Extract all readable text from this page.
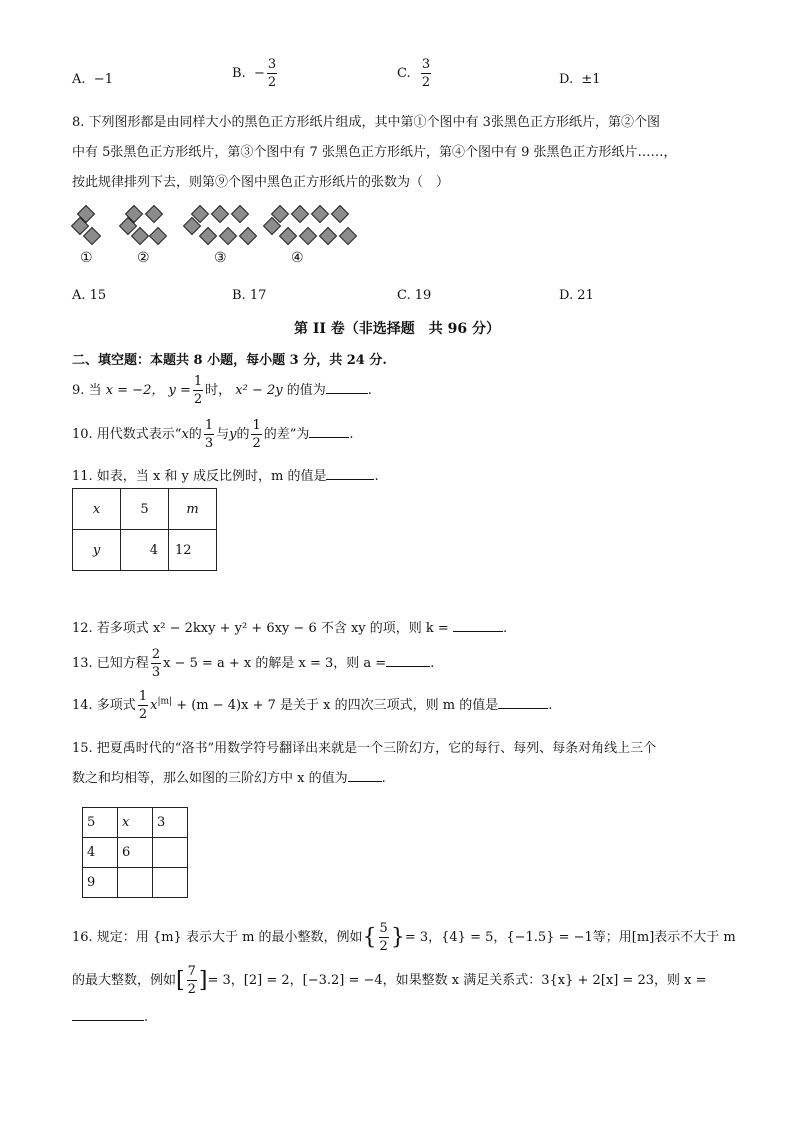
A. −1	B. − $\frac{3}{2}$	C. $\frac{3}{2}$	D. ±1
8. 下列图形都是由同样大小的黑色正方形纸片组成，其中第①个图中有 3张黑色正方形纸片，第②个图
中有 5张黑色正方形纸片，第③个图中有 7 张黑色正方形纸片，第④个图中有 9 张黑色正方形纸片……，
按此规律排列下去，则第⑨个图中黑色正方形纸片的张数为（　）
①	②	③	④
A. 15	B. 17	C. 19	D. 21
第 II 卷（非选择题　共 96 分）
二、填空题：本题共 8 小题，每小题 3 分，共 24 分.
9. 当 x = −2， $y = \frac{1}{2}$ 时， x² − 2y 的值为	.
10. 用代数式表示“x的 $\frac{1}{3}$ 与y的 $\frac{1}{2}$ 的差”为	.
11. 如表，当 x 和 y 成反比例时，m 的值是	.
x	5	m
y	4	12
12. 若多项式 x² − 2kxy + y² + 6xy − 6 不含 xy 的项，则 k =	.
13. 已知方程 $\frac{2}{3}$ x − 5 = a + x 的解是 x = 3，则 a =	.
14. 多项式 $\frac{1}{2} x^{|m|} + (m - 4)x + 7$ 是关于 x 的四次三项式，则 m 的值是	.
15. 把夏禹时代的“洛书”用数学符号翻译出来就是一个三阶幻方，它的每行、每列、每条对角线上三个
数之和均相等，那么如图的三阶幻方中 x 的值为	.
5	x	3
4	6	
9		
16. 规定：用 {m} 表示大于 m 的最小整数，例如{ $\frac{5}{2}$ }= 3，{4} = 5，{−1.5} = −1等；用[m]表示不大于 m
的最大整数，例如[ $\frac{7}{2}$ ]= 3，[2] = 2，[−3.2] = −4，如果整数 x 满足关系式：3{x} + 2[x] = 23，则 x =
.
